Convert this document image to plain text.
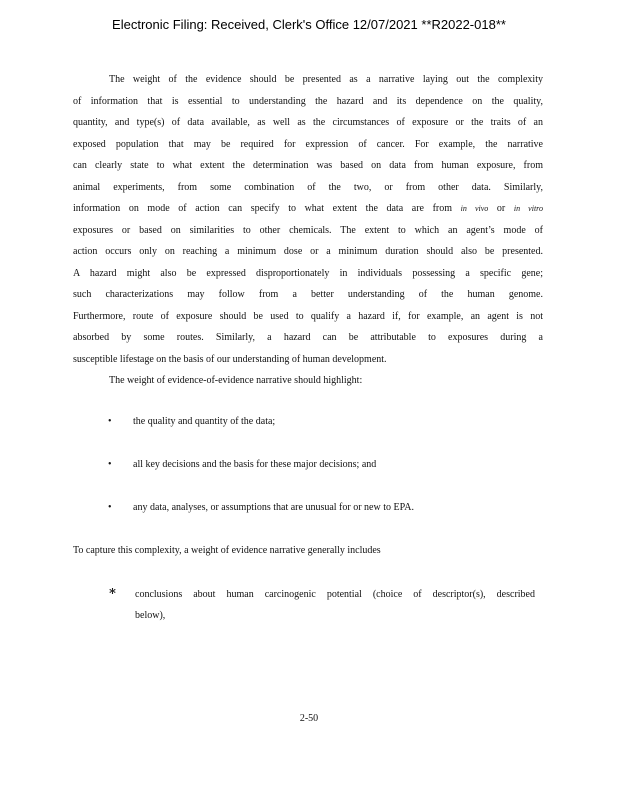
Electronic Filing: Received, Clerk's Office 12/07/2021 **R2022-018**
The weight of the evidence should be presented as a narrative laying out the complexity
of information that is essential to understanding the hazard and its dependence on the quality,
quantity, and type(s) of data available, as well as the circumstances of exposure or the traits of an
exposed population that may be required for expression of cancer. For example, the narrative
can clearly state to what extent the determination was based on data from human exposure, from
animal experiments, from some combination of the two, or from other data. Similarly,
information on mode of action can specify to what extent the data are from in vivo or in vitro
exposures or based on similarities to other chemicals. The extent to which an agent’s mode of
action occurs only on reaching a minimum dose or a minimum duration should also be presented.
A hazard might also be expressed disproportionately in individuals possessing a specific gene;
such characterizations may follow from a better understanding of the human genome.
Furthermore, route of exposure should be used to qualify a hazard if, for example, an agent is not
absorbed by some routes. Similarly, a hazard can be attributable to exposures during a
susceptible lifestage on the basis of our understanding of human development.
The weight of evidence-of-evidence narrative should highlight:
•	the quality and quantity of the data;
•	all key decisions and the basis for these major decisions; and
•	any data, analyses, or assumptions that are unusual for or new to EPA.
To capture this complexity, a weight of evidence narrative generally includes
∗ conclusions about human carcinogenic potential (choice of descriptor(s), described
below),
2-50
